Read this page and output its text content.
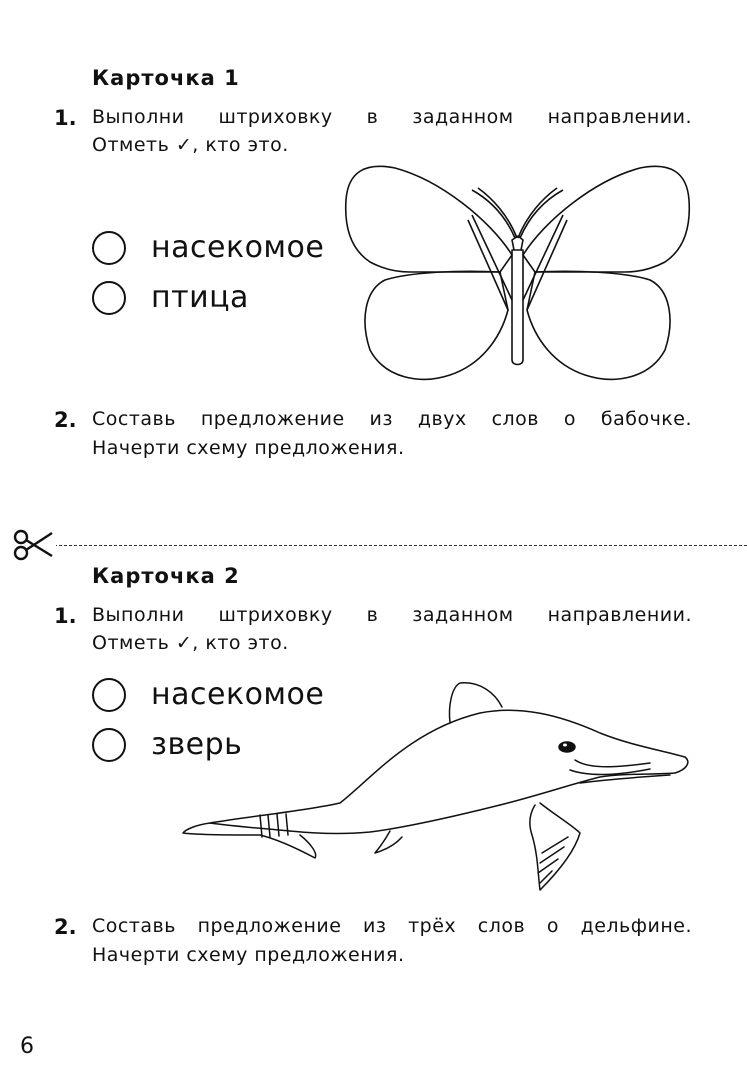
Карточка 1
1. Выполни штриховку в заданном направлении.
Отметь ✓, кто это.
насекомое
птица
2. Составь предложение из двух слов о бабочке.
Начерти схему предложения.
Карточка 2
1. Выполни штриховку в заданном направлении.
Отметь ✓, кто это.
насекомое
зверь
2. Составь предложение из трёх слов о дельфине.
Начерти схему предложения.
6
